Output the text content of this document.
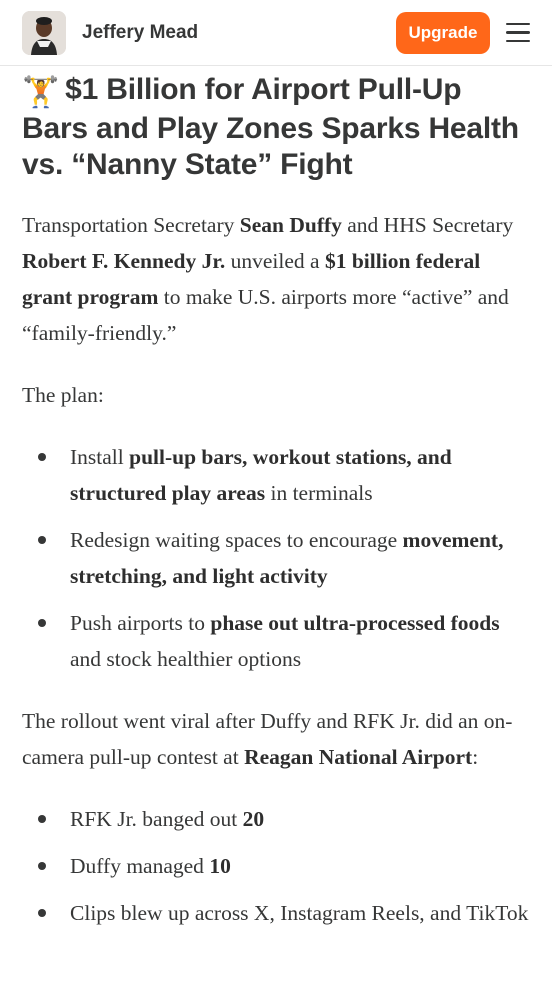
Jeffery Mead	Upgrade
🏋️ $1 Billion for Airport Pull-Up Bars and Play Zones Sparks Health vs. “Nanny State” Fight

Transportation Secretary Sean Duffy and HHS Secretary Robert F. Kennedy Jr. unveiled a $1 billion federal grant program to make U.S. airports more “active” and “family-friendly.”

The plan:

Install pull-up bars, workout stations, and structured play areas in terminals
Redesign waiting spaces to encourage movement, stretching, and light activity
Push airports to phase out ultra-processed foods and stock healthier options

The rollout went viral after Duffy and RFK Jr. did an on-camera pull-up contest at Reagan National Airport:

RFK Jr. banged out 20
Duffy managed 10
Clips blew up across X, Instagram Reels, and TikTok
